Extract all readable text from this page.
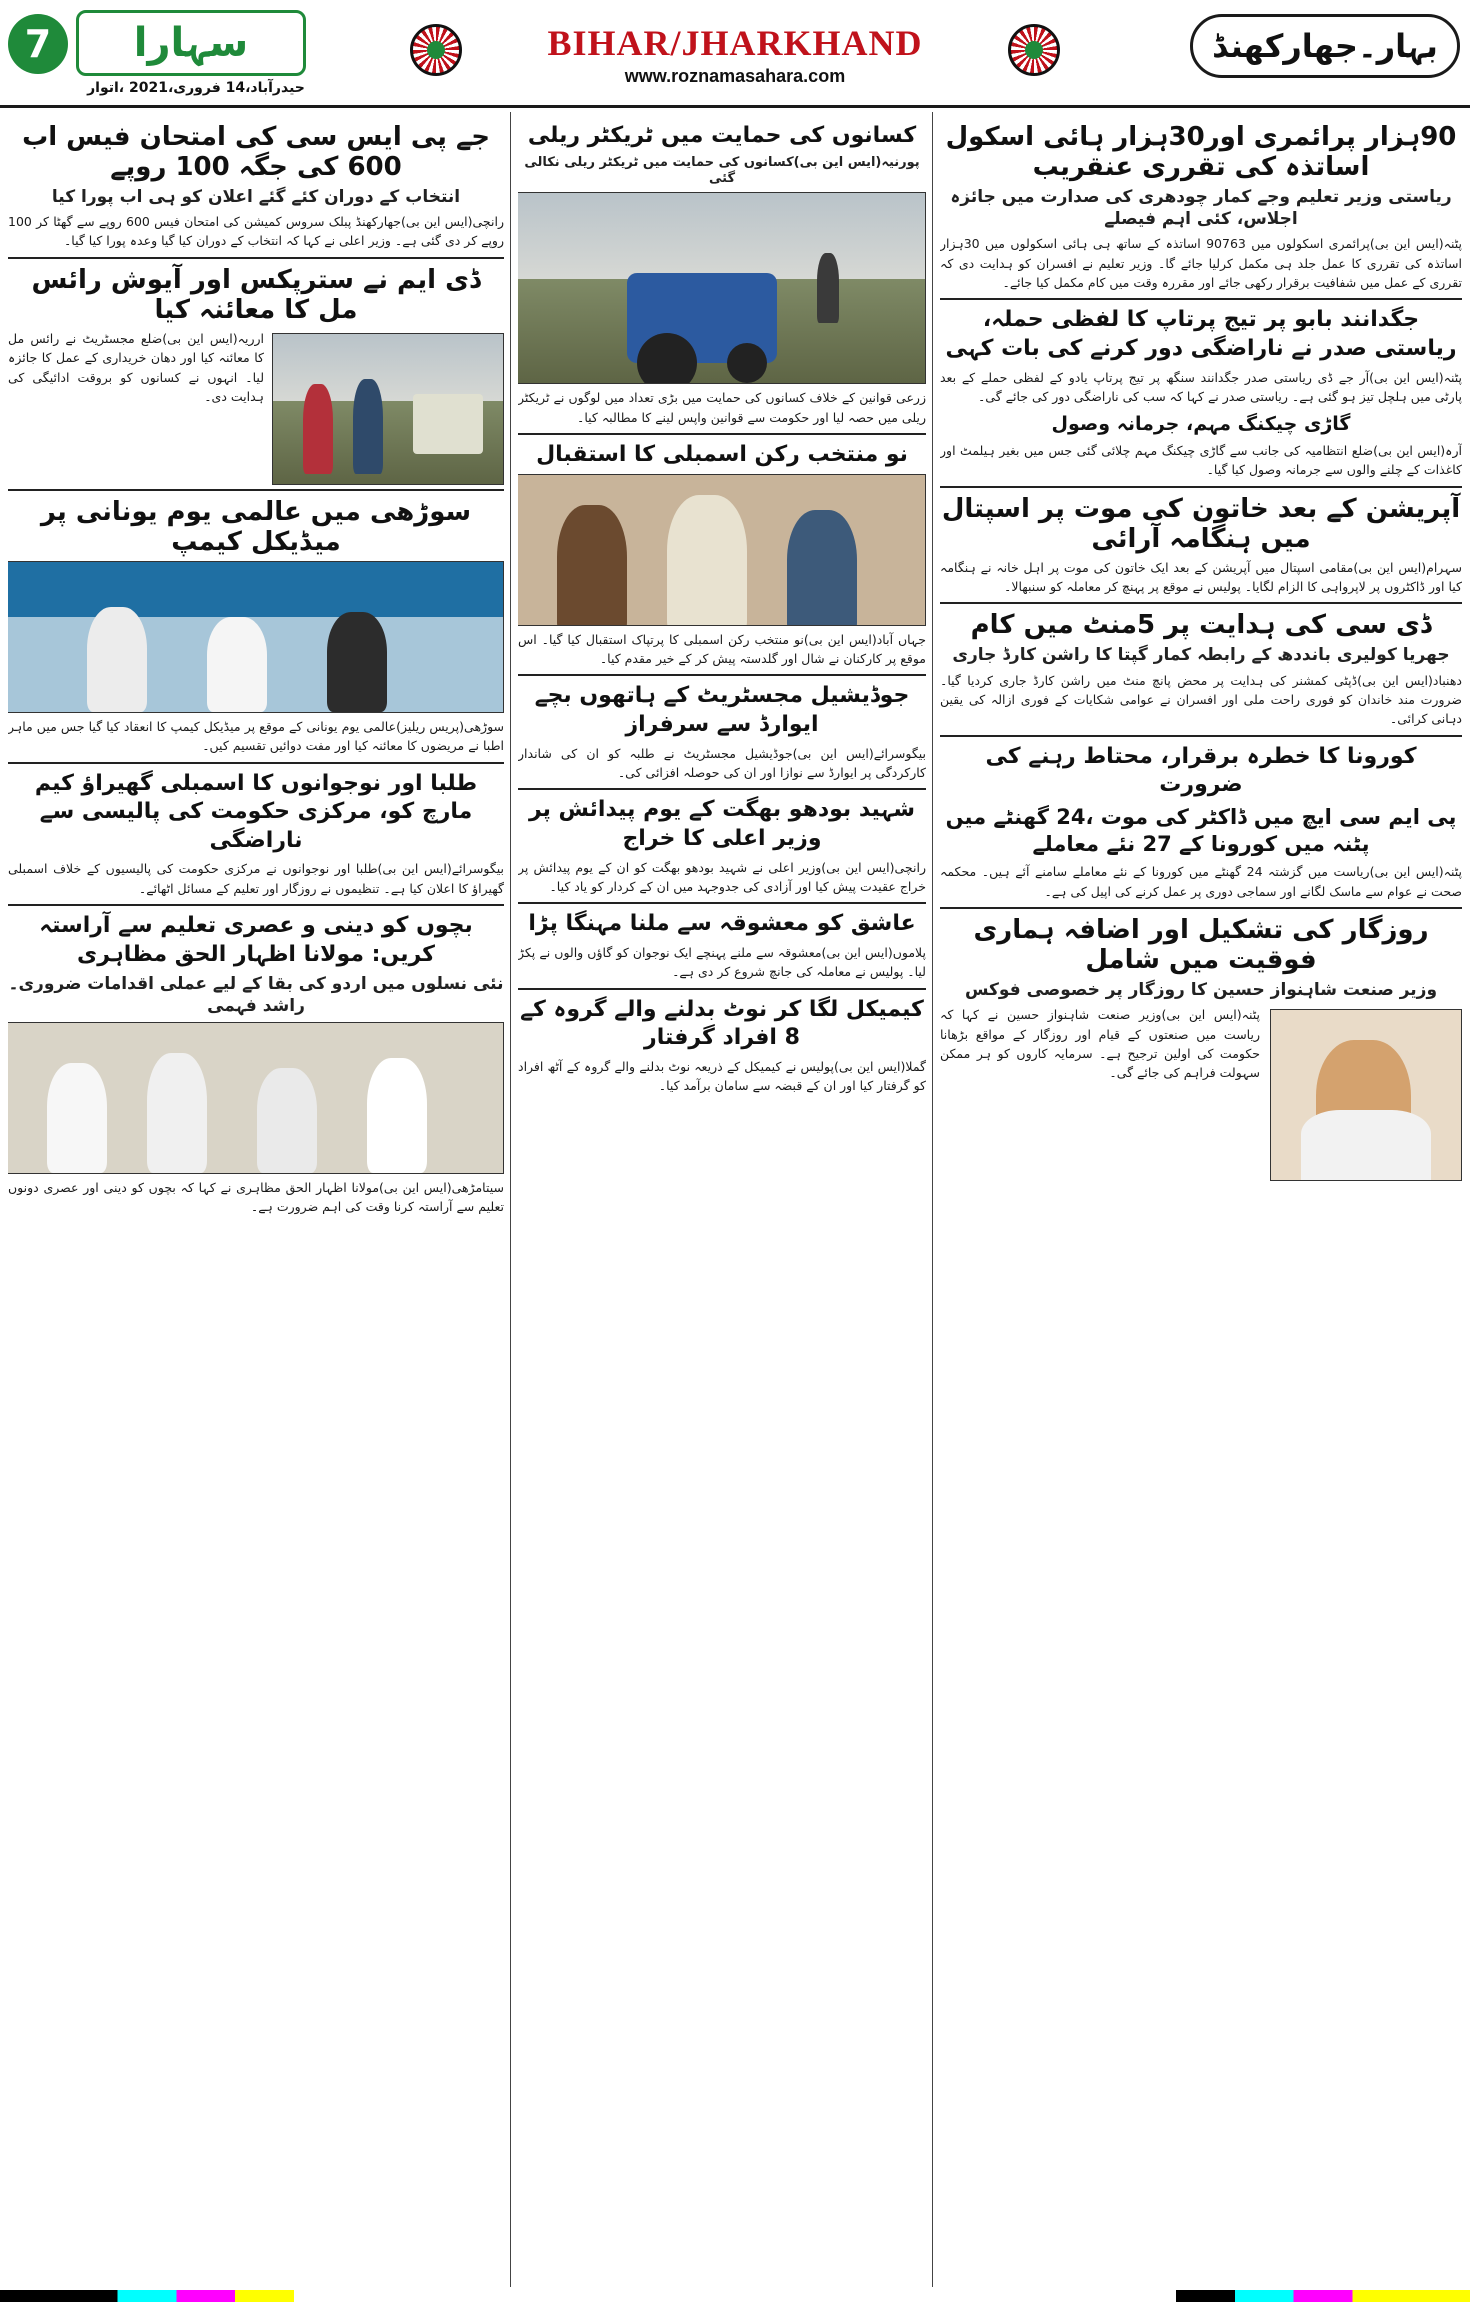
7	سہارا
حیدرآباد،14 فروری،2021 ،اتوار
BIHAR/JHARKHAND
www.roznamasahara.com
بہار۔جھارکھنڈ
90ہزار پرائمری اور30ہزار ہائی اسکول اساتذہ کی تقرری عنقریب
ریاستی وزیر تعلیم وجے کمار چودھری کی صدارت میں جائزہ اجلاس، کئی اہم فیصلے

پٹنہ(ایس این بی)پرائمری اسکولوں میں 90763 اساتذہ کے ساتھ ہی ہائی اسکولوں میں 30ہزار اساتذہ کی تقرری کا عمل جلد ہی مکمل کرلیا جائے گا۔ وزیر تعلیم نے افسران کو ہدایت دی کہ تقرری کے عمل میں شفافیت برقرار رکھی جائے اور مقررہ وقت میں کام مکمل کیا جائے۔

جگدانند بابو پر تیج پرتاپ کا لفظی حملہ، ریاستی صدر نے ناراضگی دور کرنے کی بات کہی

پٹنہ(ایس این بی)آر جے ڈی ریاستی صدر جگدانند سنگھ پر تیج پرتاپ یادو کے لفظی حملے کے بعد پارٹی میں ہلچل تیز ہو گئی ہے۔ ریاستی صدر نے کہا کہ سب کی ناراضگی دور کی جائے گی۔

گاڑی چیکنگ مہم، جرمانہ وصول

آرہ(ایس این بی)ضلع انتظامیہ کی جانب سے گاڑی چیکنگ مہم چلائی گئی جس میں بغیر ہیلمٹ اور کاغذات کے چلنے والوں سے جرمانہ وصول کیا گیا۔

آپریشن کے بعد خاتون کی موت پر اسپتال میں ہنگامہ آرائی

سہرام(ایس این بی)مقامی اسپتال میں آپریشن کے بعد ایک خاتون کی موت پر اہل خانہ نے ہنگامہ کیا اور ڈاکٹروں پر لاپرواہی کا الزام لگایا۔ پولیس نے موقع پر پہنچ کر معاملہ کو سنبھالا۔

ڈی سی کی ہدایت پر 5منٹ میں کام
جھریا کولیری بانددھ کے رابطہ کمار گپتا کا راشن کارڈ جاری

دھنباد(ایس این بی)ڈپٹی کمشنر کی ہدایت پر محض پانچ منٹ میں راشن کارڈ جاری کردیا گیا۔ ضرورت مند خاندان کو فوری راحت ملی اور افسران نے عوامی شکایات کے فوری ازالہ کی یقین دہانی کرائی۔

کورونا کا خطرہ برقرار، محتاط رہنے کی ضرورت
پی ایم سی ایچ میں ڈاکٹر کی موت ،24 گھنٹے میں پٹنہ میں کورونا کے 27 نئے معاملے

پٹنہ(ایس این بی)ریاست میں گزشتہ 24 گھنٹے میں کورونا کے نئے معاملے سامنے آئے ہیں۔ محکمہ صحت نے عوام سے ماسک لگانے اور سماجی دوری پر عمل کرنے کی اپیل کی ہے۔

روزگار کی تشکیل اور اضافہ ہماری فوقیت میں شامل
وزیر صنعت شاہنواز حسین کا روزگار پر خصوصی فوکس

پٹنہ(ایس این بی)وزیر صنعت شاہنواز حسین نے کہا کہ ریاست میں صنعتوں کے قیام اور روزگار کے مواقع بڑھانا حکومت کی اولین ترجیح ہے۔ سرمایہ کاروں کو ہر ممکن سہولت فراہم کی جائے گی۔

کسانوں کی حمایت میں ٹریکٹر ریلی
پورنیہ(ایس این بی)کسانوں کی حمایت میں ٹریکٹر ریلی نکالی گئی

زرعی قوانین کے خلاف کسانوں کی حمایت میں بڑی تعداد میں لوگوں نے ٹریکٹر ریلی میں حصہ لیا اور حکومت سے قوانین واپس لینے کا مطالبہ کیا۔

نو منتخب رکن اسمبلی کا استقبال

جہاں آباد(ایس این بی)نو منتخب رکن اسمبلی کا پرتپاک استقبال کیا گیا۔ اس موقع پر کارکنان نے شال اور گلدستہ پیش کر کے خیر مقدم کیا۔

جوڈیشیل مجسٹریٹ کے ہاتھوں بچے ایوارڈ سے سرفراز

بیگوسرائے(ایس این بی)جوڈیشیل مجسٹریٹ نے طلبہ کو ان کی شاندار کارکردگی پر ایوارڈ سے نوازا اور ان کی حوصلہ افزائی کی۔

شہید بودھو بھگت کے یوم پیدائش پر وزیر اعلی کا خراج

رانچی(ایس این بی)وزیر اعلی نے شہید بودھو بھگت کو ان کے یوم پیدائش پر خراج عقیدت پیش کیا اور آزادی کی جدوجہد میں ان کے کردار کو یاد کیا۔

عاشق کو معشوقہ سے ملنا مہنگا پڑا

پلاموں(ایس این بی)معشوقہ سے ملنے پہنچے ایک نوجوان کو گاؤں والوں نے پکڑ لیا۔ پولیس نے معاملہ کی جانچ شروع کر دی ہے۔

کیمیکل لگا کر نوٹ بدلنے والے گروہ کے 8 افراد گرفتار

گملا(ایس این بی)پولیس نے کیمیکل کے ذریعہ نوٹ بدلنے والے گروہ کے آٹھ افراد کو گرفتار کیا اور ان کے قبضہ سے سامان برآمد کیا۔

جے پی ایس سی کی امتحان فیس اب 600 کی جگہ 100 روپے
انتخاب کے دوران کئے گئے اعلان کو ہی اب پورا کیا

رانچی(ایس این بی)جھارکھنڈ پبلک سروس کمیشن کی امتحان فیس 600 روپے سے گھٹا کر 100 روپے کر دی گئی ہے۔ وزیر اعلی نے کہا کہ انتخاب کے دوران کیا گیا وعدہ پورا کیا گیا۔

ڈی ایم نے سترپکس اور آیوش رائس مل کا معائنہ کیا

ارریہ(ایس این بی)ضلع مجسٹریٹ نے رائس مل کا معائنہ کیا اور دھان خریداری کے عمل کا جائزہ لیا۔ انہوں نے کسانوں کو بروقت ادائیگی کی ہدایت دی۔

سوڑھی میں عالمی یوم یونانی پر میڈیکل کیمپ

سوڑھی(پریس ریلیز)عالمی یوم یونانی کے موقع پر میڈیکل کیمپ کا انعقاد کیا گیا جس میں ماہر اطبا نے مریضوں کا معائنہ کیا اور مفت دوائیں تقسیم کیں۔

طلبا اور نوجوانوں کا اسمبلی گھیراؤ کیم مارچ کو، مرکزی حکومت کی پالیسی سے ناراضگی

بیگوسرائے(ایس این بی)طلبا اور نوجوانوں نے مرکزی حکومت کی پالیسیوں کے خلاف اسمبلی گھیراؤ کا اعلان کیا ہے۔ تنظیموں نے روزگار اور تعلیم کے مسائل اٹھائے۔

بچوں کو دینی و عصری تعلیم سے آراستہ کریں: مولانا اظہار الحق مظاہری
نئی نسلوں میں اردو کی بقا کے لیے عملی اقدامات ضروری۔ راشد فہمی

سیتامڑھی(ایس این بی)مولانا اظہار الحق مظاہری نے کہا کہ بچوں کو دینی اور عصری دونوں تعلیم سے آراستہ کرنا وقت کی اہم ضرورت ہے۔
